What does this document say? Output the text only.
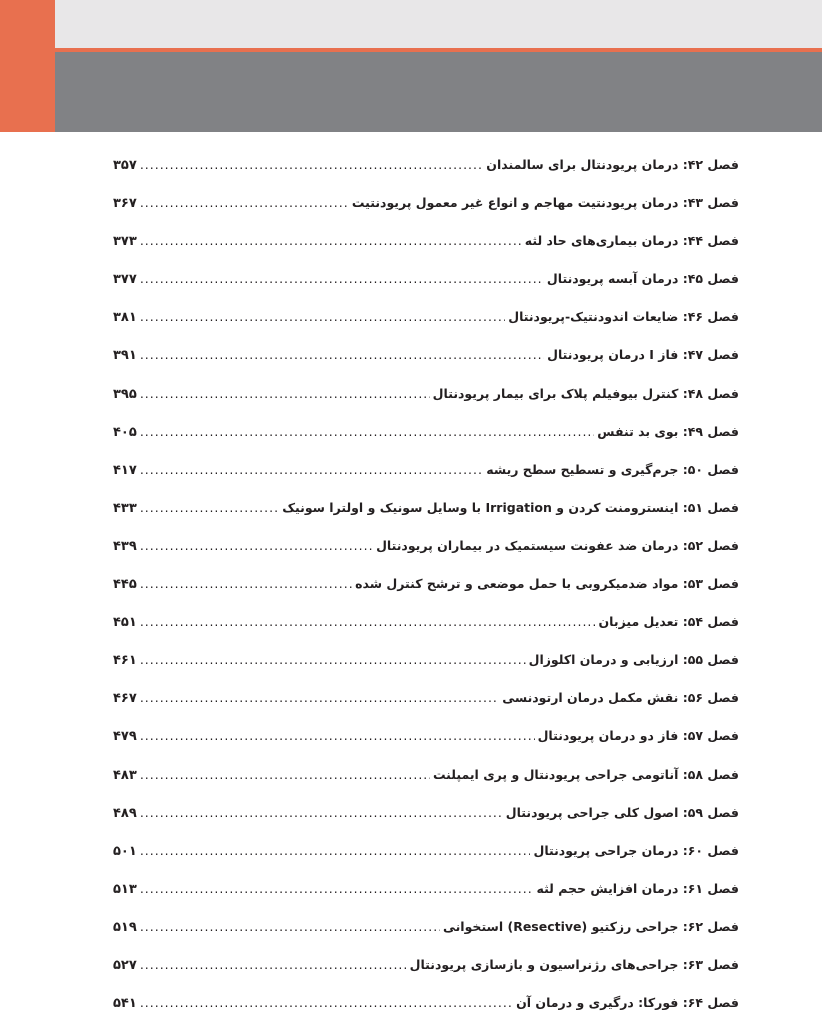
فصل ۴۲: درمان پریودنتال برای سالمندان
.....
۳۵۷
فصل ۴۳: درمان پریودنتیت مهاجم و انواع غیر معمول پریودنتیت
.....
۳۶۷
فصل ۴۴: درمان بیماری‌های حاد لثه
.....
۳۷۳
فصل ۴۵: درمان آبسه پریودنتال
.....
۳۷۷
فصل ۴۶: ضایعات اندودنتیک-پریودنتال
.....
۳۸۱
فصل ۴۷: فاز I درمان پریودنتال
.....
۳۹۱
فصل ۴۸: کنترل بیوفیلم پلاک برای بیمار پریودنتال
.....
۳۹۵
فصل ۴۹: بوی بد تنفس
.....
۴۰۵
فصل ۵۰: جرم‌گیری و تسطیح سطح ریشه
.....
۴۱۷
فصل ۵۱: اینسترومنت کردن و Irrigation با وسایل سونیک و اولترا سونیک
.....
۴۳۳
فصل ۵۲: درمان ضد عفونت سیستمیک در بیماران پریودنتال
.....
۴۳۹
فصل ۵۳: مواد ضدمیکروبی با حمل موضعی و ترشح کنترل شده
.....
۴۴۵
فصل ۵۴: تعدیل میزبان
.....
۴۵۱
فصل ۵۵: ارزیابی و درمان اکلوزال
.....
۴۶۱
فصل ۵۶: نقش مکمل درمان ارتودنسی
.....
۴۶۷
فصل ۵۷: فاز دو درمان پریودنتال
.....
۴۷۹
فصل ۵۸: آناتومی جراحی پریودنتال و پری ایمپلنت
.....
۴۸۳
فصل ۵۹: اصول کلی جراحی پریودنتال
.....
۴۸۹
فصل ۶۰: درمان جراحی پریودنتال
.....
۵۰۱
فصل ۶۱: درمان افزایش حجم لثه
.....
۵۱۳
فصل ۶۲: جراحی رزکتیو (Resective) استخوانی
.....
۵۱۹
فصل ۶۳: جراحی‌های رژنراسیون و بازسازی پریودنتال
.....
۵۲۷
فصل ۶۴: فورکا: درگیری و درمان آن
.....
۵۴۱
